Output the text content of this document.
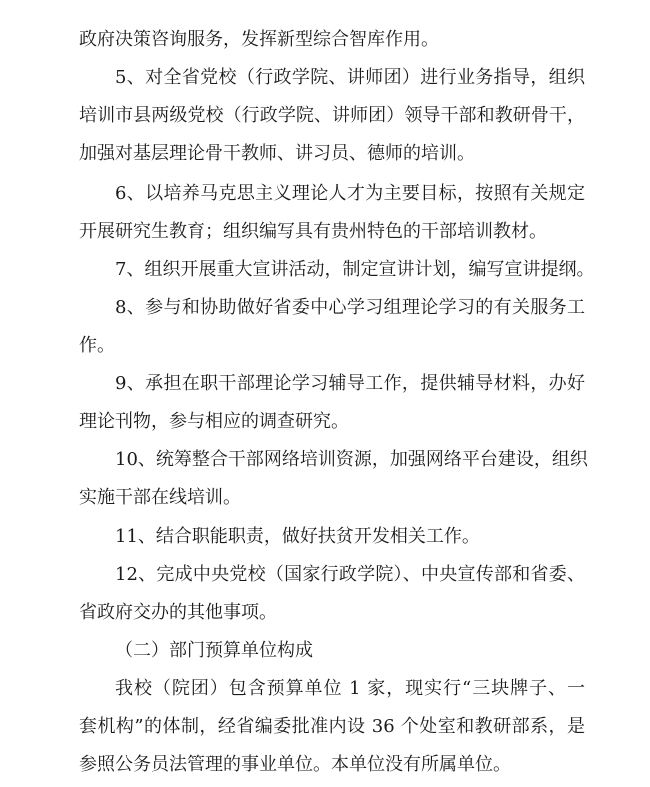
政府决策咨询服务，发挥新型综合智库作用。
5、对全省党校（行政学院、讲师团）进行业务指导，组织
培训市县两级党校（行政学院、讲师团）领导干部和教研骨干，
加强对基层理论骨干教师、讲习员、德师的培训。
6、以培养马克思主义理论人才为主要目标，按照有关规定
开展研究生教育；组织编写具有贵州特色的干部培训教材。
7、组织开展重大宣讲活动，制定宣讲计划，编写宣讲提纲。
8、参与和协助做好省委中心学习组理论学习的有关服务工
作。
9、承担在职干部理论学习辅导工作，提供辅导材料，办好
理论刊物，参与相应的调查研究。
10、统筹整合干部网络培训资源，加强网络平台建设，组织
实施干部在线培训。
11、结合职能职责，做好扶贫开发相关工作。
12、完成中央党校（国家行政学院）、中央宣传部和省委、
省政府交办的其他事项。
（二）部门预算单位构成
我校（院团）包含预算单位 1 家，现实行“三块牌子、一
套机构”的体制，经省编委批准内设 36 个处室和教研部系，是
参照公务员法管理的事业单位。本单位没有所属单位。
